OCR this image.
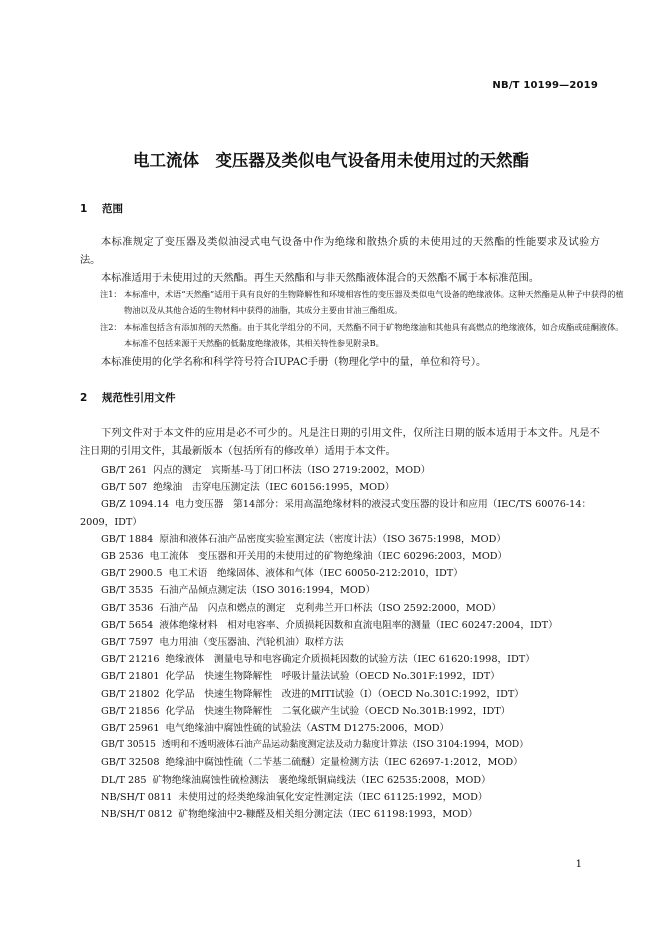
NB/T 10199—2019
电工流体　变压器及类似电气设备用未使用过的天然酯
1 范围
本标准规定了变压器及类似油浸式电气设备中作为绝缘和散热介质的未使用过的天然酯的性能要求及试验方法。
本标准适用于未使用过的天然酯。再生天然酯和与非天然酯液体混合的天然酯不属于本标准范围。
注1： 本标准中，术语“天然酯”适用于具有良好的生物降解性和环境相容性的变压器及类似电气设备的绝缘液体。这种天然酯是从种子中获得的植物油以及从其他合适的生物材料中获得的油脂，其成分主要由甘油三酯组成。
注2： 本标准包括含有添加剂的天然酯。由于其化学组分的不同，天然酯不同于矿物绝缘油和其他具有高燃点的绝缘液体，如合成酯或硅酮液体。本标准不包括来源于天然酯的低黏度绝缘液体，其相关特性参见附录B。
本标准使用的化学名称和科学符号符合IUPAC手册（物理化学中的量，单位和符号）。
2 规范性引用文件
下列文件对于本文件的应用是必不可少的。凡是注日期的引用文件，仅所注日期的版本适用于本文件。凡是不注日期的引用文件，其最新版本（包括所有的修改单）适用于本文件。
GB/T 261 闪点的测定　宾斯基-马丁闭口杯法（ISO 2719:2002，MOD）
GB/T 507 绝缘油　击穿电压测定法（IEC 60156:1995，MOD）
GB/Z 1094.14 电力变压器　第14部分：采用高温绝缘材料的液浸式变压器的设计和应用（IEC/TS 60076-14：2009，IDT）
GB/T 1884 原油和液体石油产品密度实验室测定法（密度计法）（ISO 3675:1998，MOD）
GB 2536 电工流体　变压器和开关用的未使用过的矿物绝缘油（IEC 60296:2003，MOD）
GB/T 2900.5 电工术语　绝缘固体、液体和气体（IEC 60050-212:2010，IDT）
GB/T 3535 石油产品倾点测定法（ISO 3016:1994，MOD）
GB/T 3536 石油产品　闪点和燃点的测定　克利弗兰开口杯法（ISO 2592:2000，MOD）
GB/T 5654 液体绝缘材料　相对电容率、介质损耗因数和直流电阻率的测量（IEC 60247:2004，IDT）
GB/T 7597 电力用油（变压器油、汽轮机油）取样方法
GB/T 21216 绝缘液体　测量电导和电容确定介质损耗因数的试验方法（IEC 61620:1998，IDT）
GB/T 21801 化学品　快速生物降解性　呼吸计量法试验（OECD No.301F:1992，IDT）
GB/T 21802 化学品　快速生物降解性　改进的MITI试验（Ⅰ）（OECD No.301C:1992，IDT）
GB/T 21856 化学品　快速生物降解性　二氧化碳产生试验（OECD No.301B:1992，IDT）
GB/T 25961 电气绝缘油中腐蚀性硫的试验法（ASTM D1275:2006，MOD）
GB/T 30515 透明和不透明液体石油产品运动黏度测定法及动力黏度计算法（ISO 3104:1994，MOD）
GB/T 32508 绝缘油中腐蚀性硫（二苄基二硫醚）定量检测方法（IEC 62697-1:2012，MOD）
DL/T 285 矿物绝缘油腐蚀性硫检测法　裹绝缘纸铜扁线法（IEC 62535:2008，MOD）
NB/SH/T 0811 未使用过的烃类绝缘油氧化安定性测定法（IEC 61125:1992，MOD）
NB/SH/T 0812 矿物绝缘油中2-糠醛及相关组分测定法（IEC 61198:1993，MOD）
1
